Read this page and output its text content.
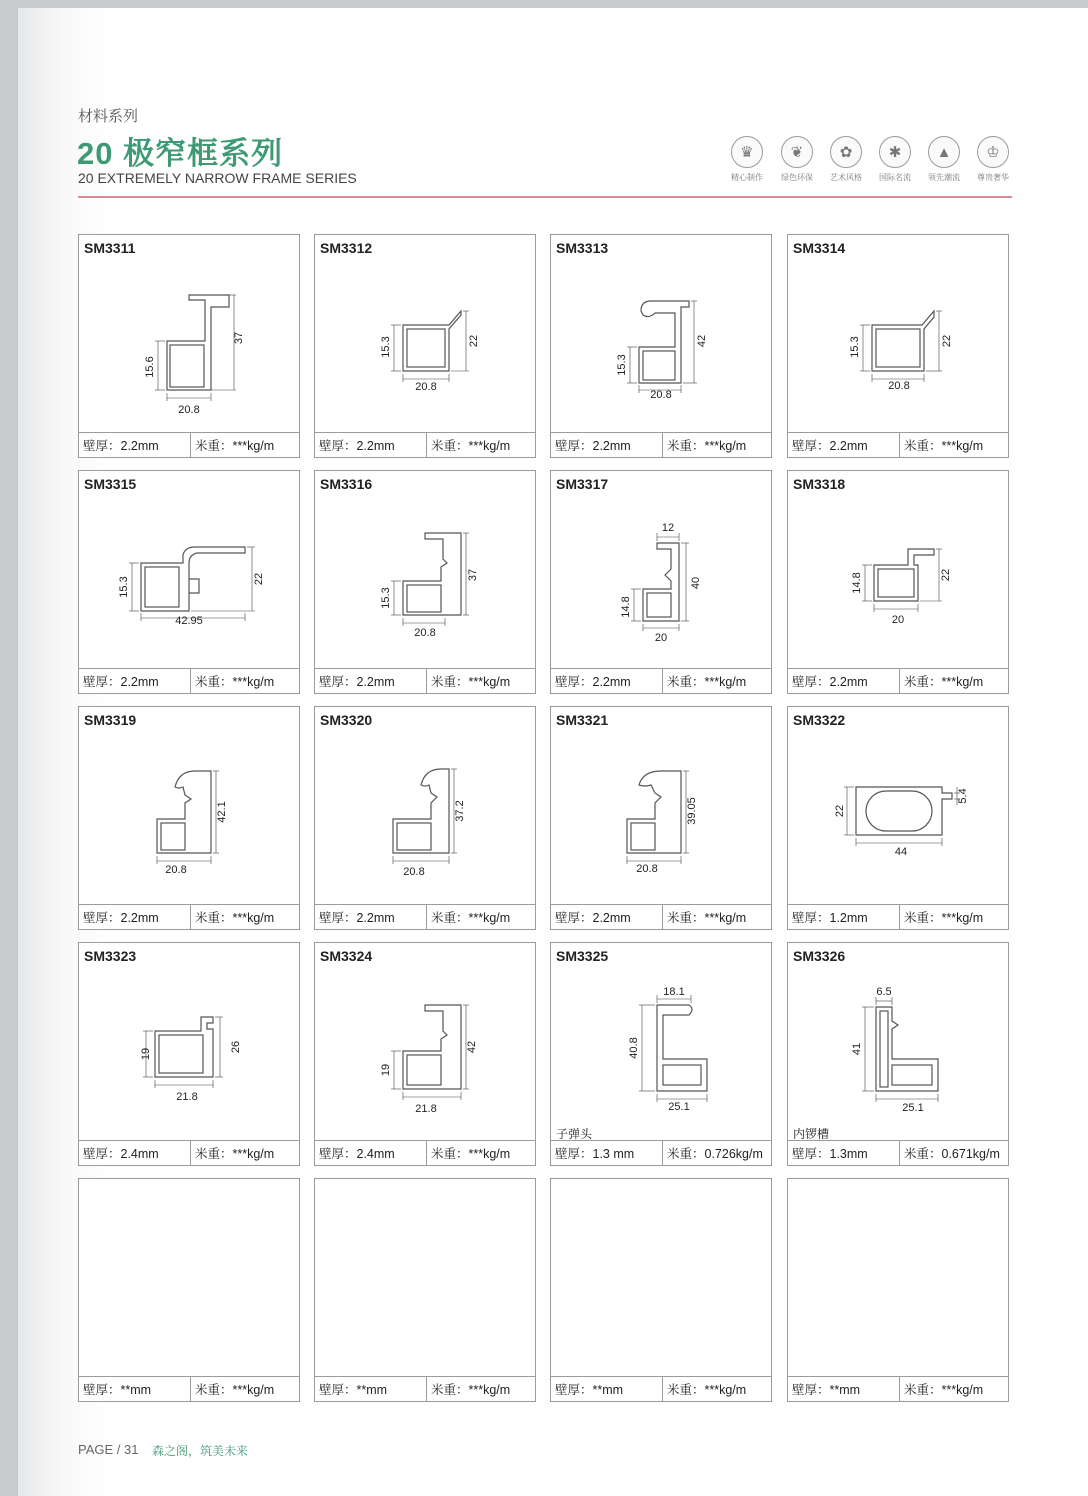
材料系列
20 极窄框系列
20 EXTREMELY NARROW FRAME SERIES
♛
精心制作
❦
绿色环保
✿
艺术风格
✱
国际名流
▲
领先潮流
♔
尊贵奢华
SM3311
15.6
37
20.8
壁厚：2.2mm	米重：***kg/m
SM3312
15.3	22
20.8
壁厚：2.2mm	米重：***kg/m
SM3313
15.3
42
20.8
壁厚：2.2mm	米重：***kg/m
SM3314
15.3	22
20.8
壁厚：2.2mm	米重：***kg/m
SM3315
15.3	22
42.95
壁厚：2.2mm	米重：***kg/m
SM3316
15.3
37
20.8
壁厚：2.2mm	米重：***kg/m
SM3317
12
14.8
40
20
壁厚：2.2mm	米重：***kg/m
SM3318
14.8	22
20
壁厚：2.2mm	米重：***kg/m
SM3319
42.1
20.8
壁厚：2.2mm	米重：***kg/m
SM3320
37.2
20.8
壁厚：2.2mm	米重：***kg/m
SM3321
39.05
20.8
壁厚：2.2mm	米重：***kg/m
SM3322
22
5.4
44
壁厚：1.2mm	米重：***kg/m
SM3323
19
26
21.8
壁厚：2.4mm	米重：***kg/m
SM3324
19
42
21.8
壁厚：2.4mm	米重：***kg/m
SM3325
18.1
40.8
25.1
子弹头
壁厚：1.3 mm	米重：0.726kg/m
SM3326
6.5
41
25.1
内锣槽
壁厚：1.3mm	米重：0.671kg/m
壁厚：**mm	米重：***kg/m	壁厚：**mm	米重：***kg/m	壁厚：**mm	米重：***kg/m	壁厚：**mm	米重：***kg/m
PAGE / 31 森之阁，筑美未来
